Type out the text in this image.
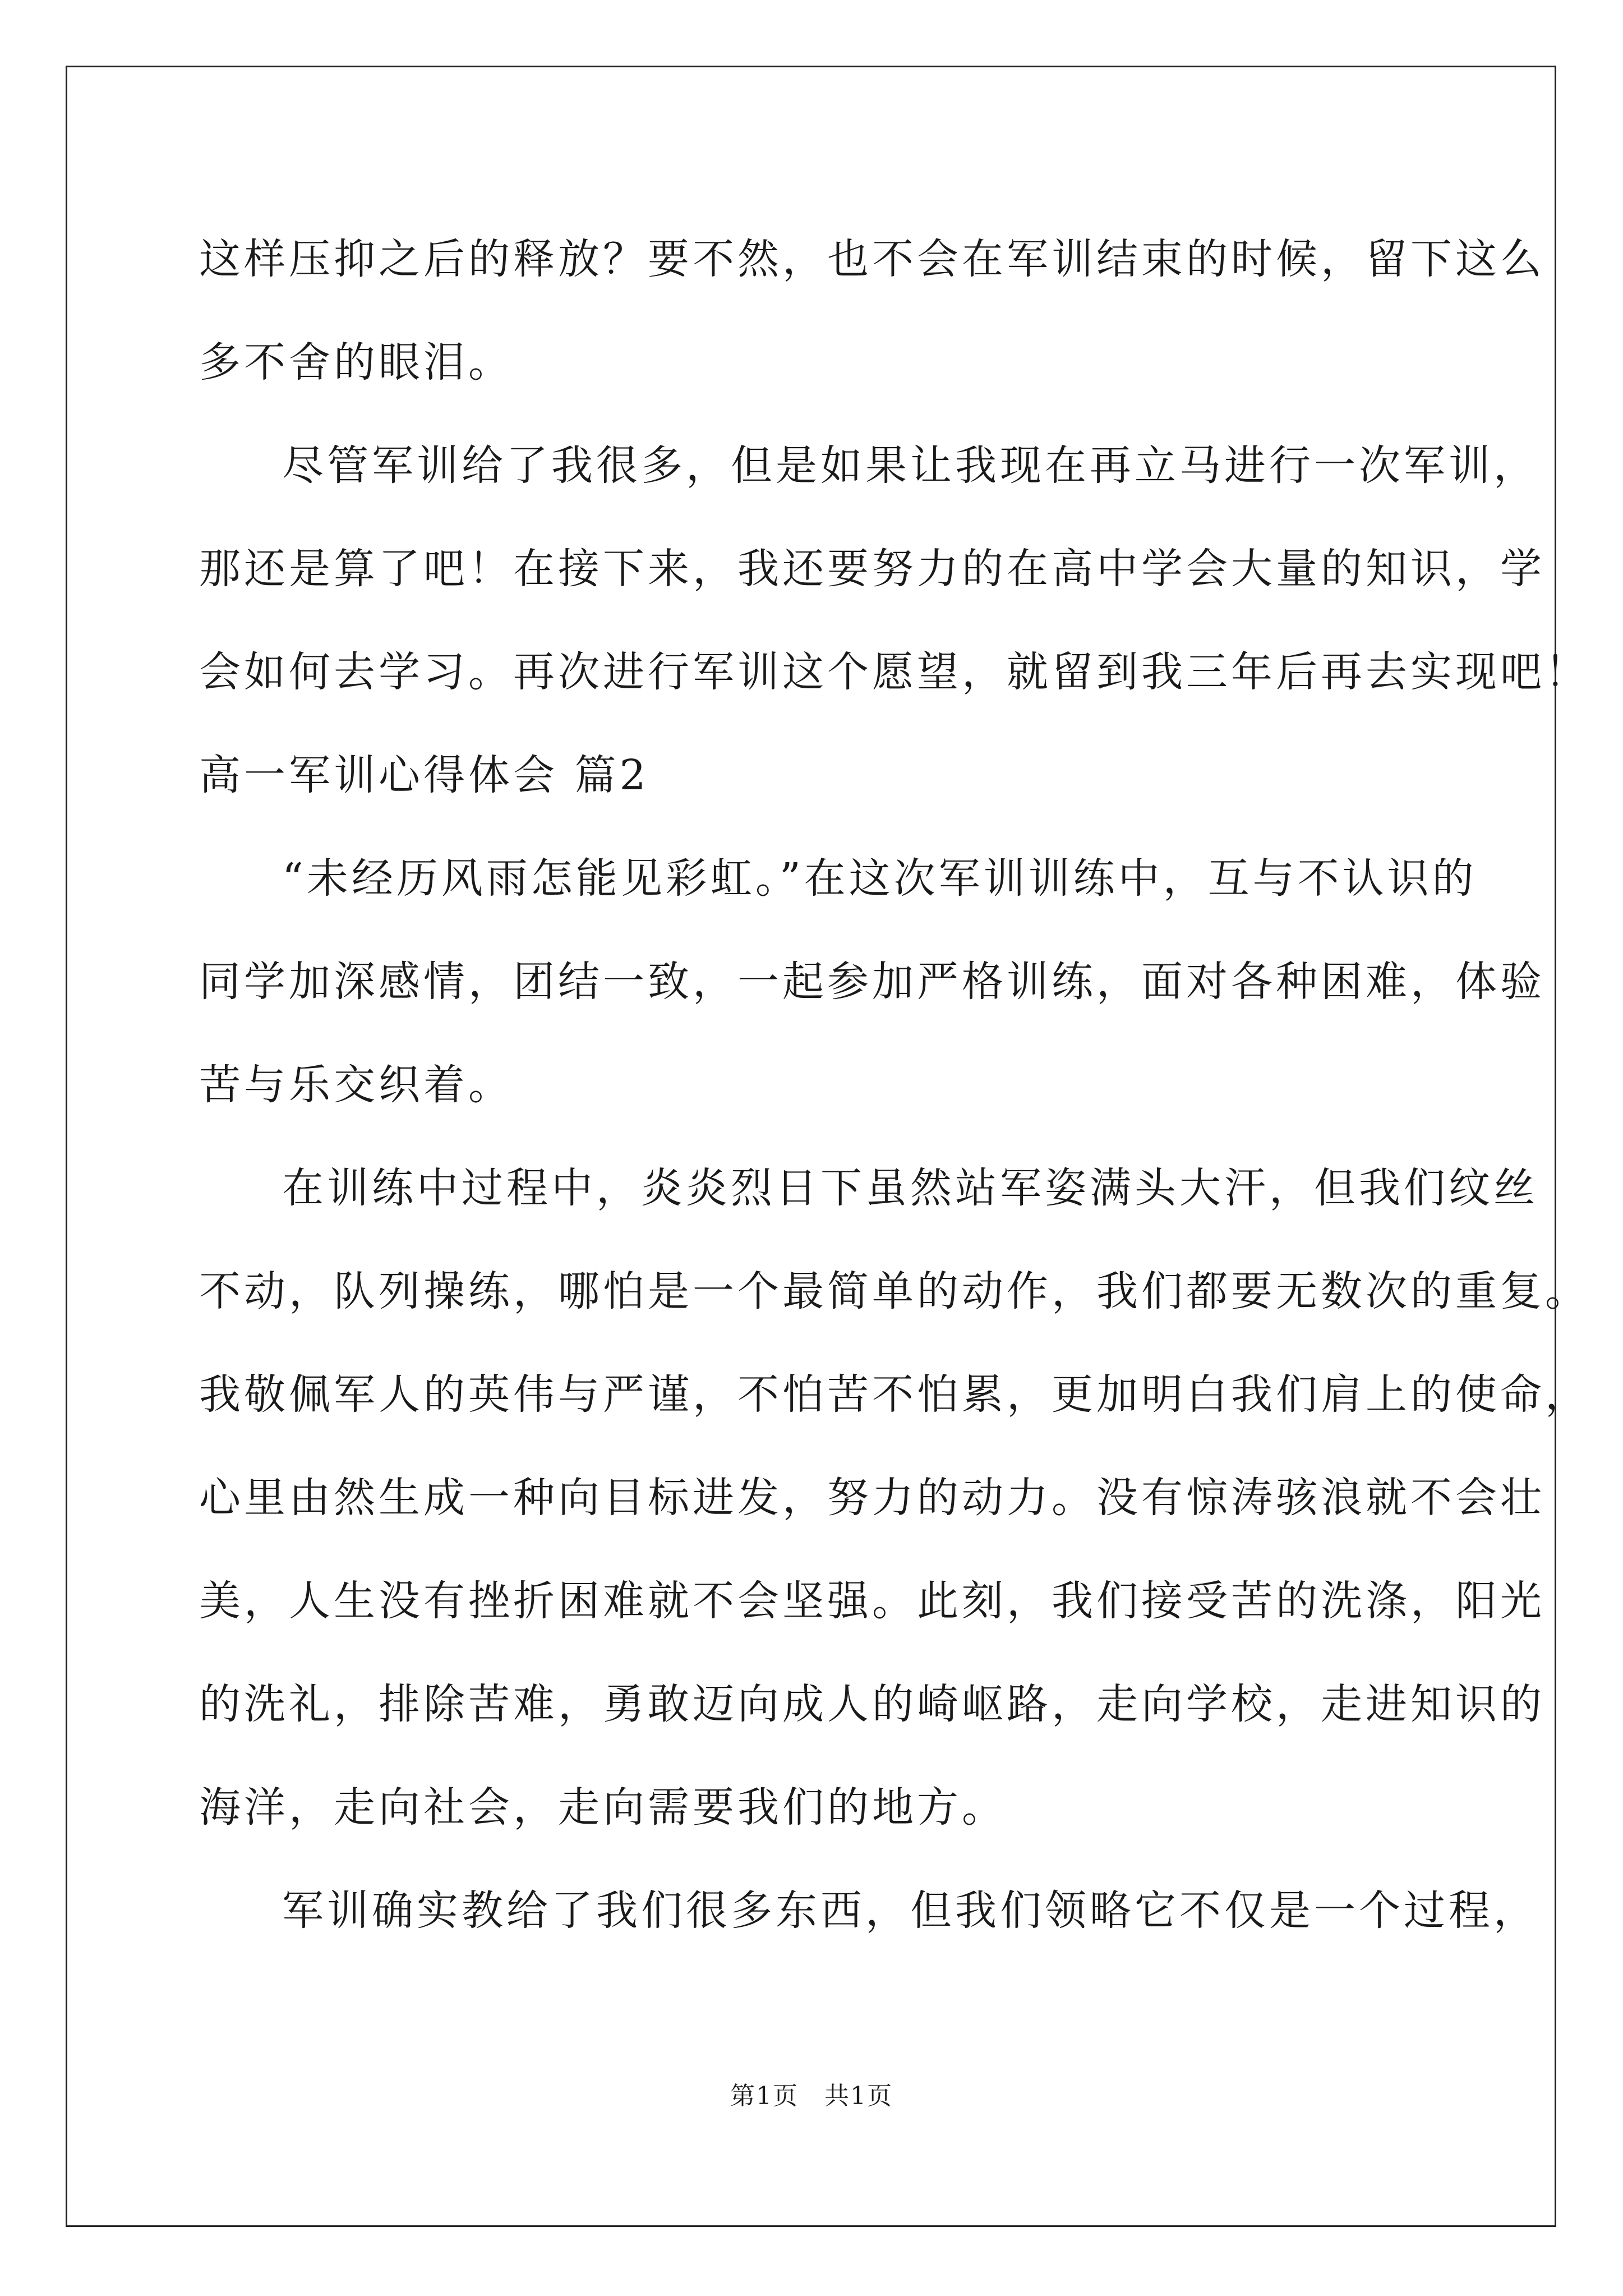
这样压抑之后的释放？要不然，也不会在军训结束的时候，留下这么
多不舍的眼泪。
尽管军训给了我很多，但是如果让我现在再立马进行一次军训，
那还是算了吧！在接下来，我还要努力的在高中学会大量的知识，学
会如何去学习。再次进行军训这个愿望，就留到我三年后再去实现吧！
高一军训心得体会 篇2
“未经历风雨怎能见彩虹。”在这次军训训练中，互与不认识的
同学加深感情，团结一致，一起参加严格训练，面对各种困难，体验
苦与乐交织着。
在训练中过程中，炎炎烈日下虽然站军姿满头大汗，但我们纹丝
不动，队列操练，哪怕是一个最简单的动作，我们都要无数次的重复。
我敬佩军人的英伟与严谨，不怕苦不怕累，更加明白我们肩上的使命，
心里由然生成一种向目标进发，努力的动力。没有惊涛骇浪就不会壮
美，人生没有挫折困难就不会坚强。此刻，我们接受苦的洗涤，阳光
的洗礼，排除苦难，勇敢迈向成人的崎岖路，走向学校，走进知识的
海洋，走向社会，走向需要我们的地方。
军训确实教给了我们很多东西，但我们领略它不仅是一个过程，
第1页　共1页
